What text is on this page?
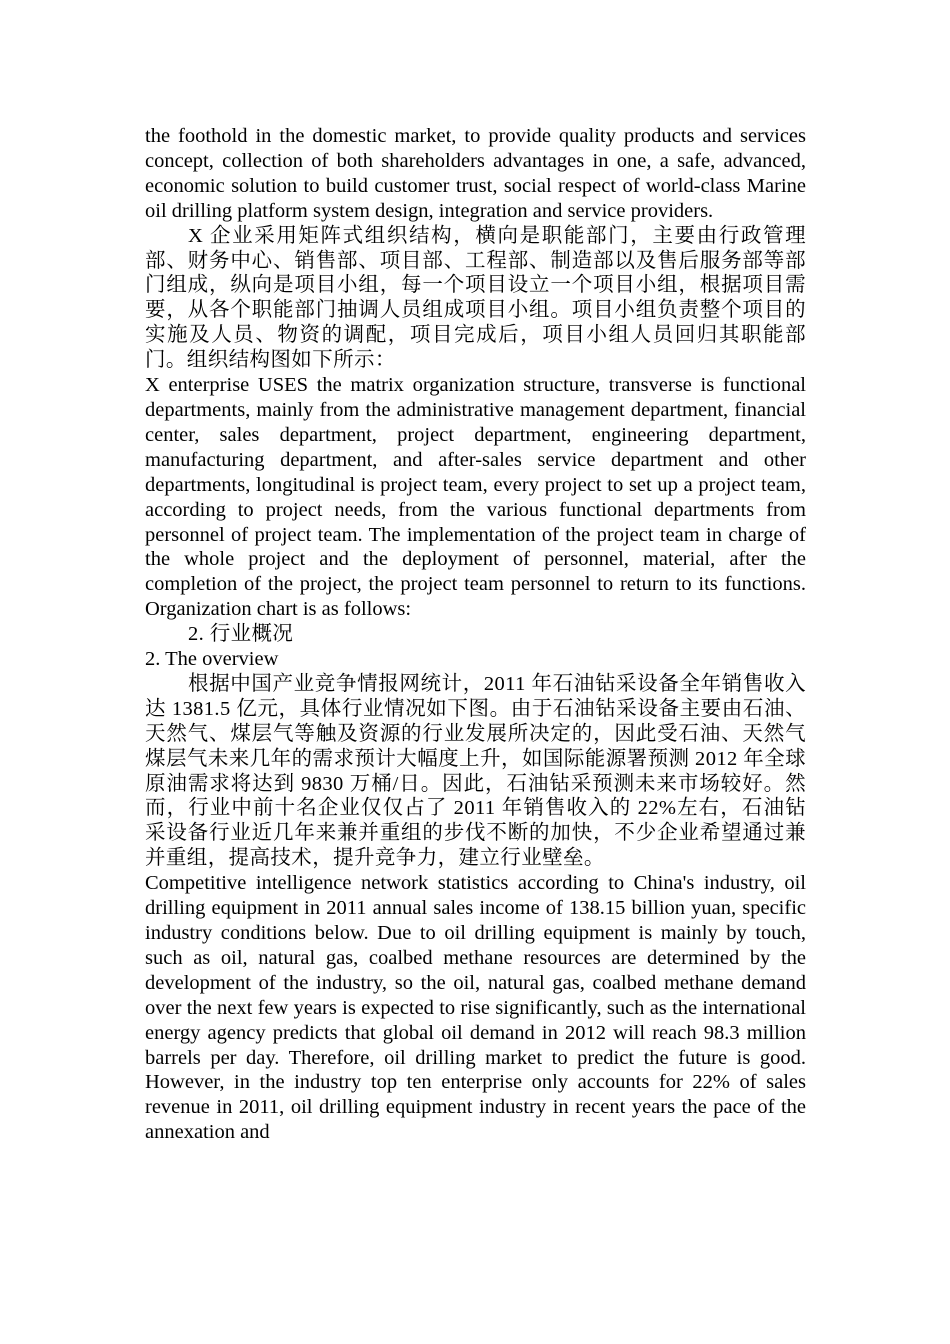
the foothold in the domestic market, to provide quality products and services concept, collection of both shareholders advantages in one, a safe, advanced, economic solution to build customer trust, social respect of world-class Marine oil drilling platform system design, integration and service providers.

X 企业采用矩阵式组织结构，横向是职能部门，主要由行政管理部、财务中心、销售部、项目部、工程部、制造部以及售后服务部等部门组成，纵向是项目小组，每一个项目设立一个项目小组，根据项目需要，从各个职能部门抽调人员组成项目小组。项目小组负责整个项目的实施及人员、物资的调配，项目完成后，项目小组人员回归其职能部门。组织结构图如下所示：

X enterprise USES the matrix organization structure, transverse is functional departments, mainly from the administrative management department, financial center, sales department, project department, engineering department, manufacturing department, and after-sales service department and other departments, longitudinal is project team, every project to set up a project team, according to project needs, from the various functional departments from personnel of project team. The implementation of the project team in charge of the whole project and the deployment of personnel, material, after the completion of the project, the project team personnel to return to its functions. Organization chart is as follows:

2. 行业概况

2. The overview

根据中国产业竞争情报网统计，2011 年石油钻采设备全年销售收入达 1381.5 亿元，具体行业情况如下图。由于石油钻采设备主要由石油、天然气、煤层气等触及资源的行业发展所决定的，因此受石油、天然气煤层气未来几年的需求预计大幅度上升，如国际能源署预测 2012 年全球原油需求将达到 9830 万桶/日。因此，石油钻采预测未来市场较好。然而，行业中前十名企业仅仅占了 2011 年销售收入的 22%左右，石油钻采设备行业近几年来兼并重组的步伐不断的加快，不少企业希望通过兼并重组，提高技术，提升竞争力，建立行业壁垒。

Competitive intelligence network statistics according to China's industry, oil drilling equipment in 2011 annual sales income of 138.15 billion yuan, specific industry conditions below. Due to oil drilling equipment is mainly by touch, such as oil, natural gas, coalbed methane resources are determined by the development of the industry, so the oil, natural gas, coalbed methane demand over the next few years is expected to rise significantly, such as the international energy agency predicts that global oil demand in 2012 will reach 98.3 million barrels per day. Therefore, oil drilling market to predict the future is good. However, in the industry top ten enterprise only accounts for 22% of sales revenue in 2011, oil drilling equipment industry in recent years the pace of the annexation and
